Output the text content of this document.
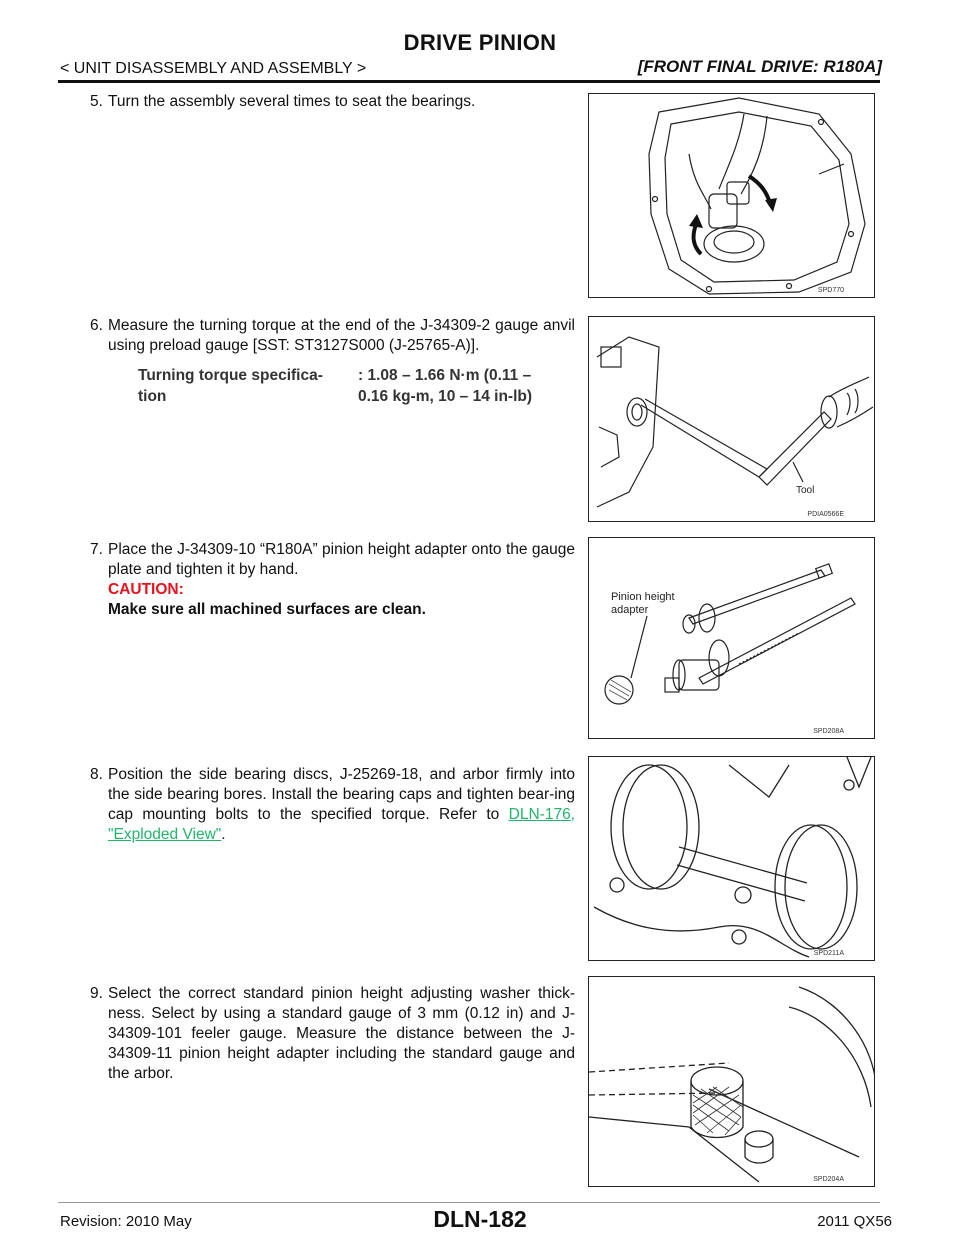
DRIVE PINION
< UNIT DISASSEMBLY AND ASSEMBLY >	[FRONT FINAL DRIVE: R180A]
5. Turn the assembly several times to seat the bearings.
6. Measure the turning torque at the end of the J-34309-2 gauge anvil using preload gauge [SST: ST3127S000 (J-25765-A)].
Turning torque specifica-tion
: 1.08 – 1.66 N·m (0.11 – 0.16 kg-m, 10 – 14 in-lb)
7. Place the J-34309-10 “R180A” pinion height adapter onto the gauge plate and tighten it by hand.
CAUTION:
Make sure all machined surfaces are clean.
8. Position the side bearing discs, J-25269-18, and arbor firmly into the side bearing bores. Install the bearing caps and tighten bear-ing cap mounting bolts to the specified torque. Refer to DLN-176, "Exploded View".
9. Select the correct standard pinion height adjusting washer thick-ness. Select by using a standard gauge of 3 mm (0.12 in) and J-34309-101 feeler gauge. Measure the distance between the J-34309-11 pinion height adapter including the standard gauge and the arbor.
SPD770
Tool
PDIA0566E
Pinion height
adapter
SPD208A
SPD211A
SPD204A
Revision: 2010 May	DLN-182	2011 QX56
